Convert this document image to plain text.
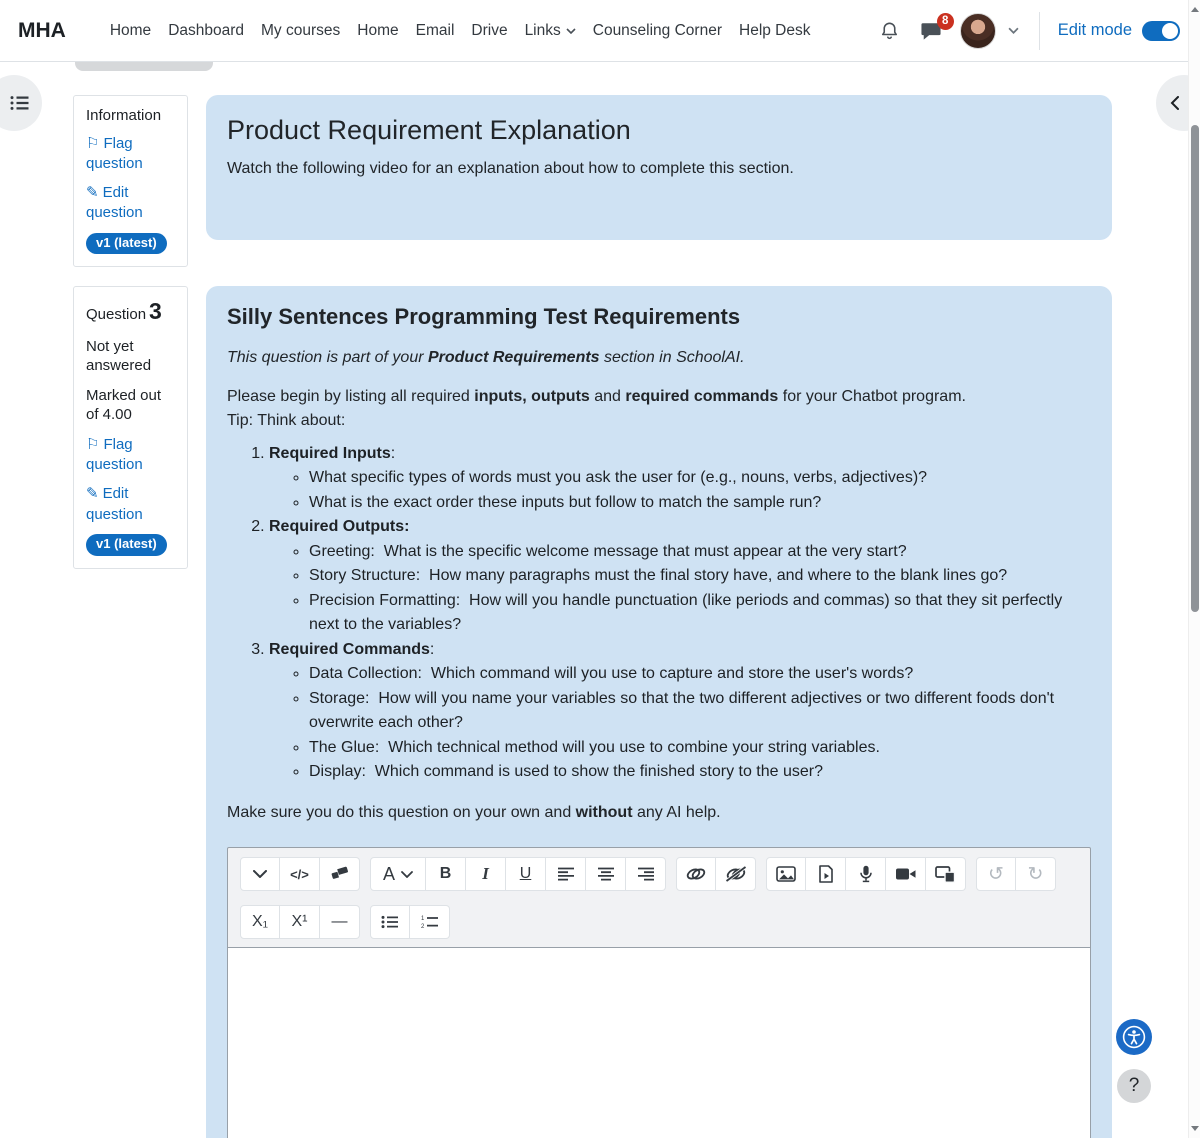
MHA	Home Dashboard My courses Home Email Drive Links Counseling Corner Help Desk
8	Edit mode
Information
⚐ Flag question
✎ Edit question
v1 (latest)
Product Requirement Explanation

Watch the following video for an explanation about how to complete this section.

Question 3
Not yet answered
Marked out of 4.00
⚐ Flag question
✎ Edit question
v1 (latest)
Silly Sentences Programming Test Requirements

This question is part of your Product Requirements section in SchoolAI.

Please begin by listing all required inputs, outputs and required commands for your Chatbot program.

Tip: Think about:

1. Required Inputs:
◦ What specific types of words must you ask the user for (e.g., nouns, verbs, adjectives)?
◦ What is the exact order these inputs but follow to match the sample run?
2. Required Outputs:
◦ Greeting:  What is the specific welcome message that must appear at the very start?
◦ Story Structure:  How many paragraphs must the final story have, and where to the blank lines go?
◦ Precision Formatting:  How will you handle punctuation (like periods and commas) so that they sit perfectly next to the variables?
3. Required Commands:
◦ Data Collection:  Which command will you use to capture and store the user's words?
◦ Storage:  How will you name your variables so that the two different adjectives or two different foods don't overwrite each other?
◦ The Glue:  Which technical method will you use to combine your string variables.
◦ Display:  Which command is used to show the finished story to the user?

Make sure you do this question on your own and without any AI help.

</>	A	B I U	↺ ↻
X₁ X¹ —	1
2
?
